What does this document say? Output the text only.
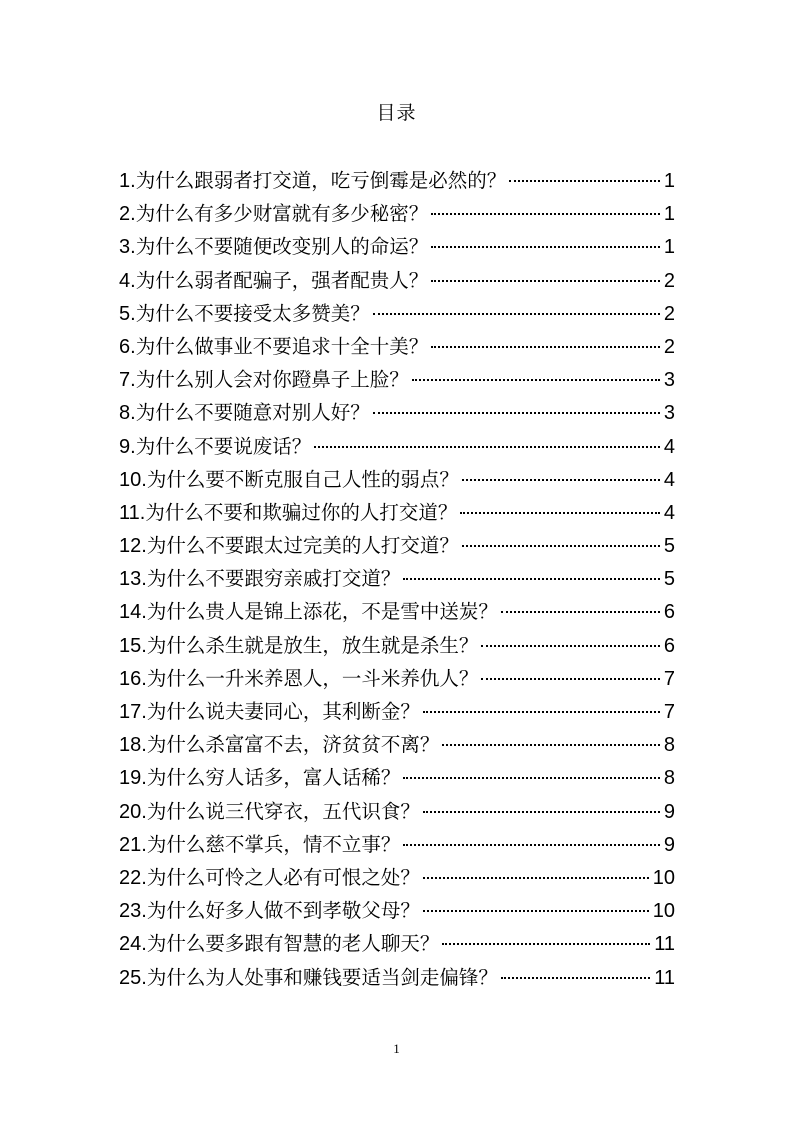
目录
1. 为什么跟弱者打交道，吃亏倒霉是必然的？	1
2. 为什么有多少财富就有多少秘密？	1
3. 为什么不要随便改变别人的命运？	1
4. 为什么弱者配骗子，强者配贵人？	2
5. 为什么不要接受太多赞美？	2
6. 为什么做事业不要追求十全十美？	2
7. 为什么别人会对你蹬鼻子上脸？	3
8. 为什么不要随意对别人好？	3
9. 为什么不要说废话？	4
10. 为什么要不断克服自己人性的弱点？	4
11. 为什么不要和欺骗过你的人打交道？	4
12. 为什么不要跟太过完美的人打交道？	5
13. 为什么不要跟穷亲戚打交道？	5
14. 为什么贵人是锦上添花，不是雪中送炭？	6
15. 为什么杀生就是放生，放生就是杀生？	6
16. 为什么一升米养恩人，一斗米养仇人？	7
17. 为什么说夫妻同心，其利断金？	7
18. 为什么杀富富不去，济贫贫不离？	8
19. 为什么穷人话多，富人话稀？	8
20. 为什么说三代穿衣，五代识食？	9
21. 为什么慈不掌兵，情不立事？	9
22. 为什么可怜之人必有可恨之处？	10
23. 为什么好多人做不到孝敬父母？	10
24. 为什么要多跟有智慧的老人聊天？	11
25. 为什么为人处事和赚钱要适当剑走偏锋？	11
1
